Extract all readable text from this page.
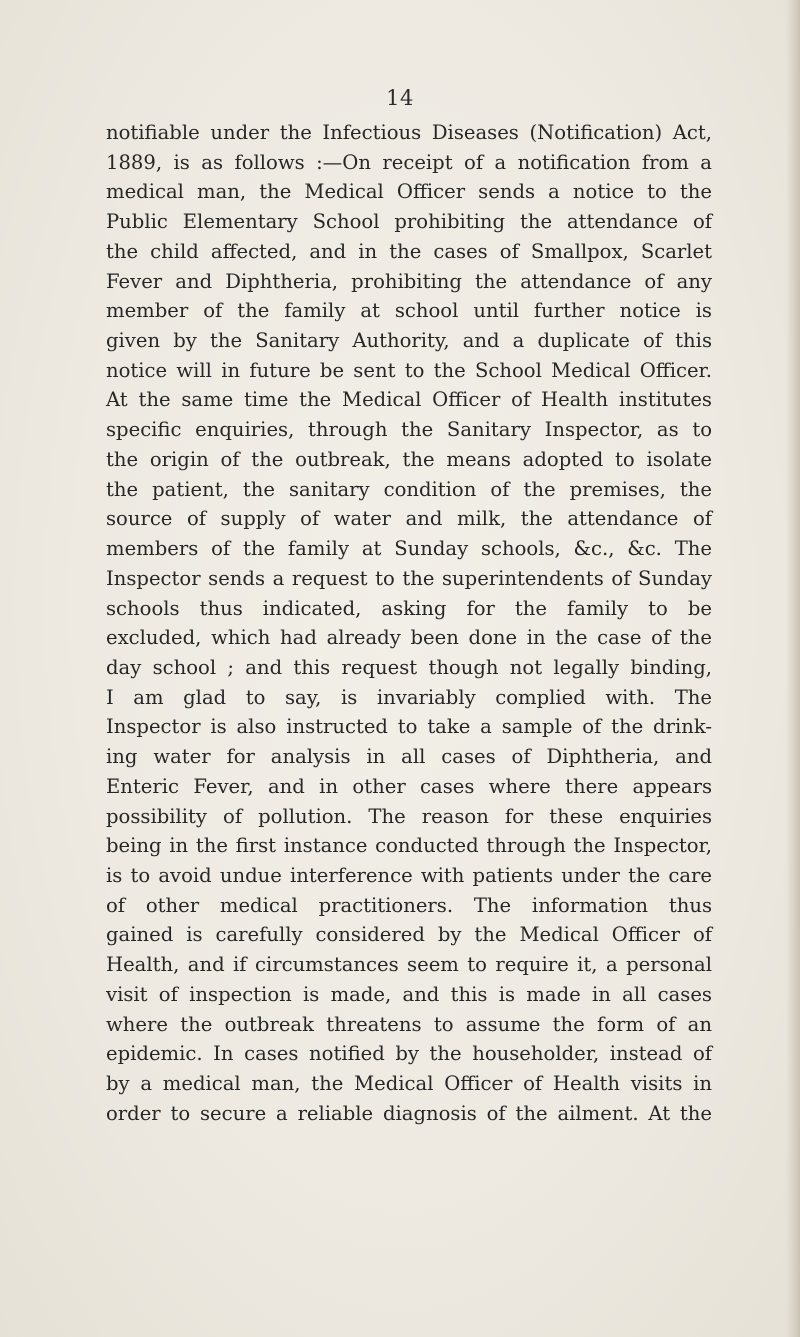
14
notifiable under the Infectious Diseases (Notification) Act,
1889, is as follows :—On receipt of a notification from a
medical man, the Medical Officer sends a notice to the
Public Elementary School prohibiting the attendance of
the child affected, and in the cases of Smallpox, Scarlet
Fever and Diphtheria, prohibiting the attendance of any
member of the family at school until further notice is
given by the Sanitary Authority, and a duplicate of this
notice will in future be sent to the School Medical Officer.
At the same time the Medical Officer of Health institutes
specific enquiries, through the Sanitary Inspector, as to
the origin of the outbreak, the means adopted to isolate
the patient, the sanitary condition of the premises, the
source of supply of water and milk, the attendance of
members of the family at Sunday schools, &c., &c. The
Inspector sends a request to the superintendents of Sunday
schools thus indicated, asking for the family to be
excluded, which had already been done in the case of the
day school ; and this request though not legally binding,
I am glad to say, is invariably complied with. The
Inspector is also instructed to take a sample of the drink-
ing water for analysis in all cases of Diphtheria, and
Enteric Fever, and in other cases where there appears
possibility of pollution. The reason for these enquiries
being in the first instance conducted through the Inspector,
is to avoid undue interference with patients under the care
of other medical practitioners. The information thus
gained is carefully considered by the Medical Officer of
Health, and if circumstances seem to require it, a personal
visit of inspection is made, and this is made in all cases
where the outbreak threatens to assume the form of an
epidemic. In cases notified by the householder, instead of
by a medical man, the Medical Officer of Health visits in
order to secure a reliable diagnosis of the ailment. At the
